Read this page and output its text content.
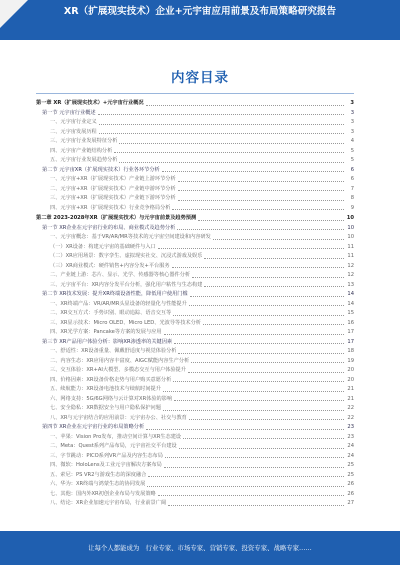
XR（扩展现实技术）企业+元宇宙应用前景及布局策略研究报告
内容目录
第一章 XR（扩展现实技术）+元宇宙行业概况	3
第一节 元宇宙行业概述	3
一、元宇宙行业定义	3
二、元宇宙发展历程	3
三、元宇宙行业发展特征分析	4
四、元宇宙产业链结构分析	5
五、元宇宙行业发展趋势分析	5
第二节 元宇宙XR（扩展现实技术）行业各环节分析	6
一、元宇宙+XR（扩展现实技术）产业链上游环节分析	6
二、元宇宙+XR（扩展现实技术）产业链中游环节分析	7
三、元宇宙+XR（扩展现实技术）产业链下游环节分析	8
四、元宇宙+XR（扩展现实技术）行业竞争格局分析	9
第二章 2023-2028年XR（扩展现实技术）与元宇宙前景及趋势预测	10
第一节 XR企业在元宇宙行业的布局、商业模式及趋势分析	10
一、元宇宙概念：基于VR/AR/MR等技术的元宇宙空间建设和内容研发	10
（一）XR设备：构建元宇宙的基础硬件与入口	11
（二）XR应用场景：数字孪生、虚拟现实社交、沉浸式游戏及娱乐	11
（三）XR商业模式：硬件销售+内容分发+平台服务	12
二、产业链上游：芯片、显示、光学、传感器等核心器件分析	12
三、元宇宙平台：XR内容分发平台分析，强化用户粘性与生态构建	13
第二节 XR技术发展：提升XR终端设备性能，降低用户使用门槛	14
一、XR终端产品：VR/AR/MR头显设备的轻量化与性能提升	14
二、XR交互方式：手势识别、眼动追踪、语音交互等	15
三、XR显示技术：Micro OLED、Micro LED、光波导等技术分析	16
四、XR光学方案：Pancake等方案的发展与应用	17
第三节 XR产品用户体验分析：影响XR渗透率的关键因素	17
一、舒适性：XR设备重量、佩戴舒适度与视觉体验分析	18
二、内容生态：XR应用内容丰富度、AIGC赋能内容生产分析	19
三、交互体验：XR+AI大模型、多模态交互与用户体验提升	20
四、价格因素：XR设备价格走势与用户购买意愿分析	20
五、续航能力：XR设备电池技术与续航时间提升	21
六、网络支持：5G/6G网络与云计算对XR体验的影响	21
七、安全隐私：XR数据安全与用户隐私保护问题	22
八、XR与元宇宙结合的应用前景：元宇宙办公、社交与教育	22
第四节 XR企业在元宇宙行业的布局策略分析	23
一、苹果：Vision Pro发布，推动空间计算与XR生态建设	23
二、Meta：Quest系列产品布局，元宇宙社交平台建设	24
三、字节跳动：PICO系列VR产品及内容生态布局	24
四、微软：HoloLens及工业元宇宙解决方案布局	25
五、索尼：PS VR2与游戏生态的深度融合	25
六、华为：XR终端与鸿蒙生态的协同发展	26
七、其他：国内外XR初创企业布局与发展策略	26
八、结论：XR企业加速元宇宙布局，行业前景广阔	27
让每个人都能成为　行业专家、市场专家、营销专家、投资专家、战略专家……
